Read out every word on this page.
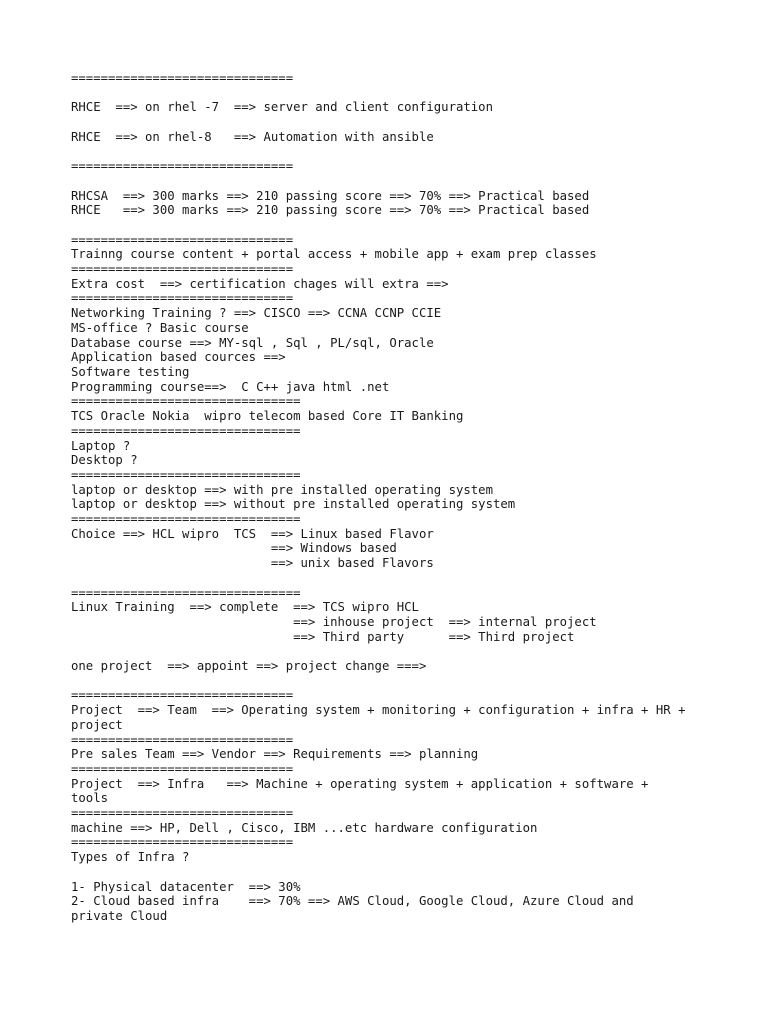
==============================
RHCE  ==> on rhel -7  ==> server and client configuration
RHCE  ==> on rhel-8   ==> Automation with ansible
==============================
RHCSA  ==> 300 marks ==> 210 passing score ==> 70% ==> Practical based
RHCE   ==> 300 marks ==> 210 passing score ==> 70% ==> Practical based
==============================
Trainng course content + portal access + mobile app + exam prep classes
==============================
Extra cost  ==> certification chages will extra ==>
==============================
Networking Training ? ==> CISCO ==> CCNA CCNP CCIE
MS-office ? Basic course
Database course ==> MY-sql , Sql , PL/sql, Oracle
Application based cources ==>
Software testing
Programming course==>  C C++ java html .net
===============================
TCS Oracle Nokia  wipro telecom based Core IT Banking
===============================
Laptop ?
Desktop ?
===============================
laptop or desktop ==> with pre installed operating system
laptop or desktop ==> without pre installed operating system
===============================
Choice ==> HCL wipro  TCS  ==> Linux based Flavor
==> Windows based
==> unix based Flavors
===============================
Linux Training  ==> complete  ==> TCS wipro HCL
==> inhouse project  ==> internal project
==> Third party      ==> Third project
one project  ==> appoint ==> project change ===>
==============================
Project  ==> Team  ==> Operating system + monitoring + configuration + infra + HR +
project
==============================
Pre sales Team ==> Vendor ==> Requirements ==> planning
==============================
Project  ==> Infra   ==> Machine + operating system + application + software +
tools
==============================
machine ==> HP, Dell , Cisco, IBM ...etc hardware configuration
==============================
Types of Infra ?
1- Physical datacenter  ==> 30%
2- Cloud based infra    ==> 70% ==> AWS Cloud, Google Cloud, Azure Cloud and
private Cloud
